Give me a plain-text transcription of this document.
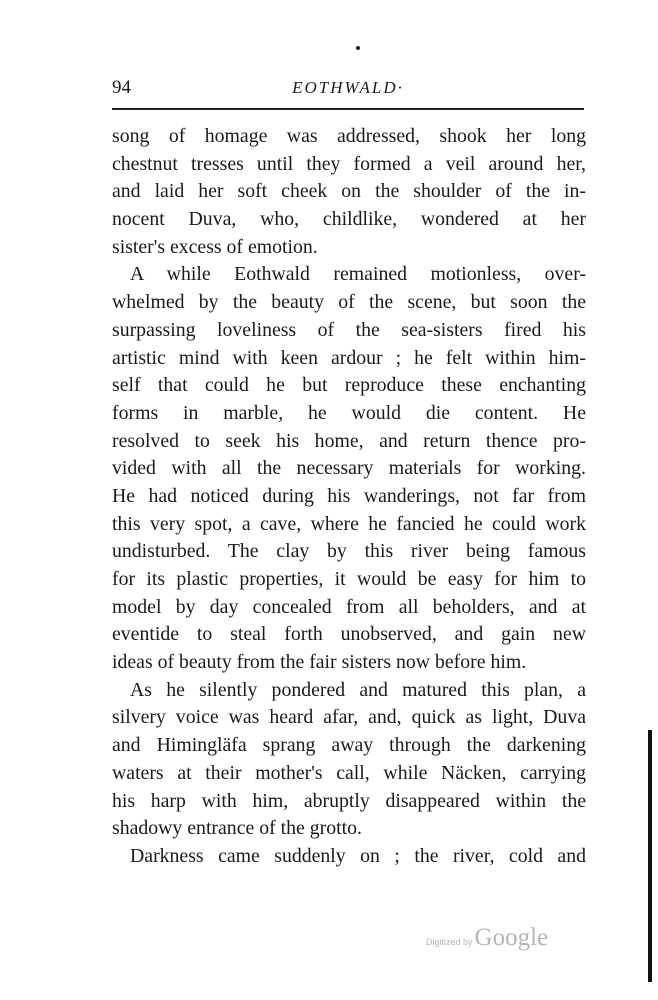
94	EOTHWALD·
song of homage was addressed, shook her long
chestnut tresses until they formed a veil around her,
and laid her soft cheek on the shoulder of the in-
nocent Duva, who, childlike, wondered at her
sister's excess of emotion.
A while Eothwald remained motionless, over-
whelmed by the beauty of the scene, but soon the
surpassing loveliness of the sea-sisters fired his
artistic mind with keen ardour ; he felt within him-
self that could he but reproduce these enchanting
forms in marble, he would die content. He
resolved to seek his home, and return thence pro-
vided with all the necessary materials for working.
He had noticed during his wanderings, not far from
this very spot, a cave, where he fancied he could work
undisturbed. The clay by this river being famous
for its plastic properties, it would be easy for him to
model by day concealed from all beholders, and at
eventide to steal forth unobserved, and gain new
ideas of beauty from the fair sisters now before him.
As he silently pondered and matured this plan, a
silvery voice was heard afar, and, quick as light, Duva
and Himingläfa sprang away through the darkening
waters at their mother's call, while Näcken, carrying
his harp with him, abruptly disappeared within the
shadowy entrance of the grotto.
Darkness came suddenly on ; the river, cold and
Digitized byGoogle
